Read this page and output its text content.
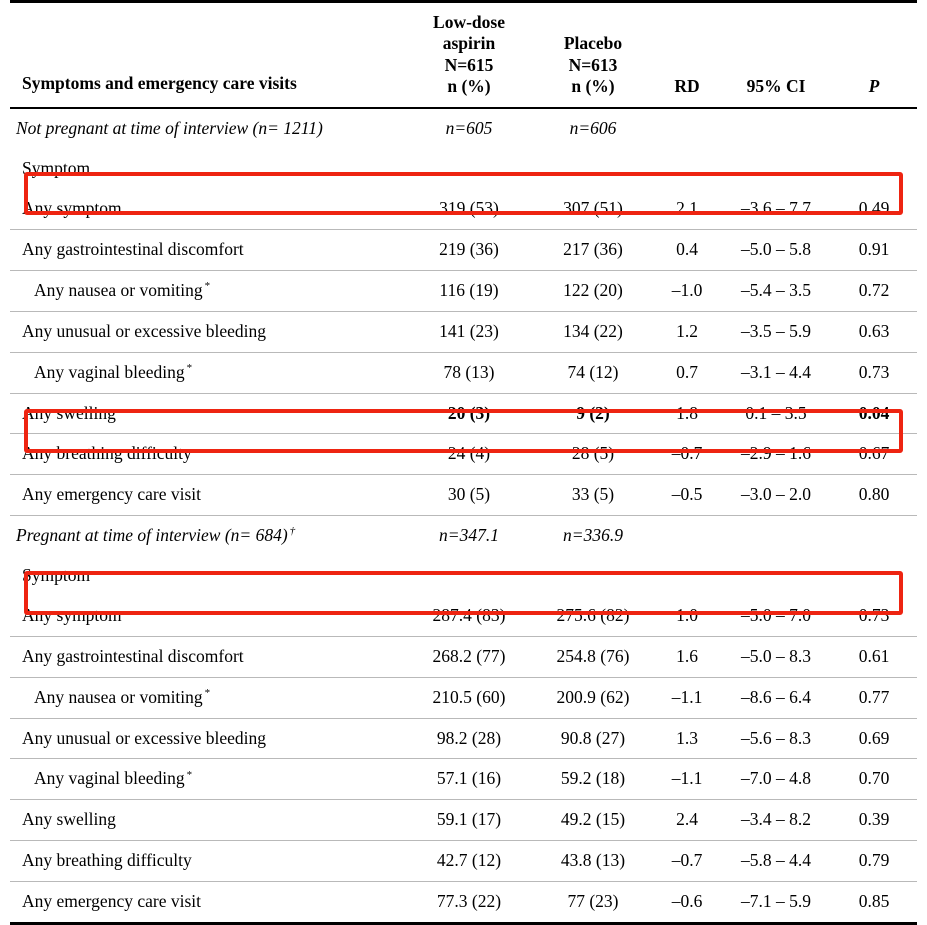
Symptoms and emergency care visits	Low-dose aspirin
N=615
n (%)	Placebo
N=613
n (%)	RD	95% CI	P

Not pregnant at time of interview (n= 1211)	n=605	n=606			

Symptom					

Any symptom	319 (53)	307 (51)	2.1	–3.6 – 7.7	0.49

Any gastrointestinal discomfort	219 (36)	217 (36)	0.4	–5.0 – 5.8	0.91

Any nausea or vomiting *	116 (19)	122 (20)	–1.0	–5.4 – 3.5	0.72

Any unusual or excessive bleeding	141 (23)	134 (22)	1.2	–3.5 – 5.9	0.63

Any vaginal bleeding *	78 (13)	74 (12)	0.7	–3.1 – 4.4	0.73

Any swelling	20 (3)	9 (2)	1.8	0.1 – 3.5	0.04

Any breathing difficulty	24 (4)	28 (5)	–0.7	–2.9 – 1.6	0.67

Any emergency care visit	30 (5)	33 (5)	–0.5	–3.0 – 2.0	0.80

Pregnant at time of interview (n= 684) †	n=347.1	n=336.9			

Symptom					

Any symptom	287.4 (83)	275.6 (82)	1.0	–5.0 – 7.0	0.73

Any gastrointestinal discomfort	268.2 (77)	254.8 (76)	1.6	–5.0 – 8.3	0.61

Any nausea or vomiting *	210.5 (60)	200.9 (62)	–1.1	–8.6 – 6.4	0.77

Any unusual or excessive bleeding	98.2 (28)	90.8 (27)	1.3	–5.6 – 8.3	0.69

Any vaginal bleeding *	57.1 (16)	59.2 (18)	–1.1	–7.0 – 4.8	0.70

Any swelling	59.1 (17)	49.2 (15)	2.4	–3.4 – 8.2	0.39

Any breathing difficulty	42.7 (12)	43.8 (13)	–0.7	–5.8 – 4.4	0.79

Any emergency care visit	77.3 (22)	77 (23)	–0.6	–7.1 – 5.9	0.85
